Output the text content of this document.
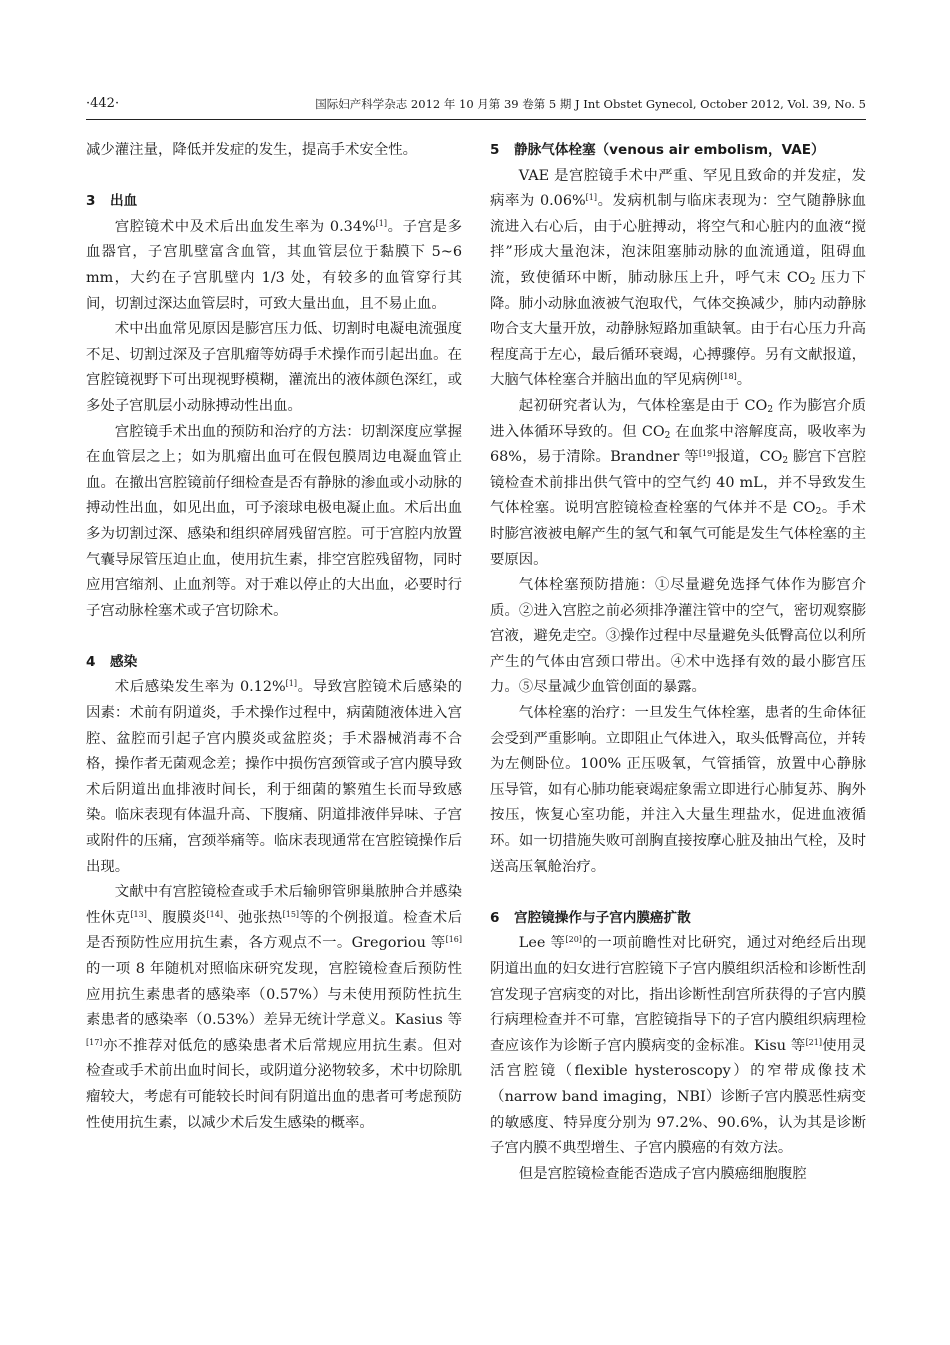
·442·	国际妇产科学杂志 2012 年 10 月第 39 卷第 5 期 J Int Obstet Gynecol, October 2012, Vol. 39, No. 5

减少灌注量，降低并发症的发生，提高手术安全性。

3 出血

宫腔镜术中及术后出血发生率为 0.34%[1]。子宫是多血器官，子宫肌壁富含血管，其血管层位于黏膜下 5~6 mm，大约在子宫肌壁内 1/3 处，有较多的血管穿行其间，切割过深达血管层时，可致大量出血，且不易止血。

术中出血常见原因是膨宫压力低、切割时电凝电流强度不足、切割过深及子宫肌瘤等妨碍手术操作而引起出血。在宫腔镜视野下可出现视野模糊，灌流出的液体颜色深红，或多处子宫肌层小动脉搏动性出血。

宫腔镜手术出血的预防和治疗的方法：切割深度应掌握在血管层之上；如为肌瘤出血可在假包膜周边电凝血管止血。在撤出宫腔镜前仔细检查是否有静脉的渗血或小动脉的搏动性出血，如见出血，可予滚球电极电凝止血。术后出血多为切割过深、感染和组织碎屑残留宫腔。可于宫腔内放置气囊导尿管压迫止血，使用抗生素，排空宫腔残留物，同时应用宫缩剂、止血剂等。对于难以停止的大出血，必要时行子宫动脉栓塞术或子宫切除术。

4 感染

术后感染发生率为 0.12%[1]。导致宫腔镜术后感染的因素：术前有阴道炎，手术操作过程中，病菌随液体进入宫腔、盆腔而引起子宫内膜炎或盆腔炎；手术器械消毒不合格，操作者无菌观念差；操作中损伤宫颈管或子宫内膜导致术后阴道出血排液时间长，利于细菌的繁殖生长而导致感染。临床表现有体温升高、下腹痛、阴道排液伴异味、子宫或附件的压痛，宫颈举痛等。临床表现通常在宫腔镜操作后出现。

文献中有宫腔镜检查或手术后输卵管卵巢脓肿合并感染性休克[13]、腹膜炎[14]、弛张热[15]等的个例报道。检查术后是否预防性应用抗生素，各方观点不一。Gregoriou 等[16]的一项 8 年随机对照临床研究发现，宫腔镜检查后预防性应用抗生素患者的感染率（0.57%）与未使用预防性抗生素患者的感染率（0.53%）差异无统计学意义。Kasius 等[17]亦不推荐对低危的感染患者术后常规应用抗生素。但对检查或手术前出血时间长，或阴道分泌物较多，术中切除肌瘤较大，考虑有可能较长时间有阴道出血的患者可考虑预防性使用抗生素，以减少术后发生感染的概率。

5 静脉气体栓塞（venous air embolism，VAE）

VAE 是宫腔镜手术中严重、罕见且致命的并发症，发病率为 0.06%[1]。发病机制与临床表现为：空气随静脉血流进入右心后，由于心脏搏动，将空气和心脏内的血液“搅拌”形成大量泡沫，泡沫阻塞肺动脉的血流通道，阻碍血流，致使循环中断，肺动脉压上升，呼气末 $CO_2$ 压力下降。肺小动脉血液被气泡取代，气体交换减少，肺内动静脉吻合支大量开放，动静脉短路加重缺氧。由于右心压力升高程度高于左心，最后循环衰竭，心搏骤停。另有文献报道，大脑气体栓塞合并脑出血的罕见病例[18]。

起初研究者认为，气体栓塞是由于 $CO_2$ 作为膨宫介质进入体循环导致的。但 $CO_2$ 在血浆中溶解度高，吸收率为 68%，易于清除。Brandner 等[19]报道，$CO_2$ 膨宫下宫腔镜检查术前排出供气管中的空气约 40 mL，并不导致发生气体栓塞。说明宫腔镜检查栓塞的气体并不是 $CO_2$。手术时膨宫液被电解产生的氢气和氧气可能是发生气体栓塞的主要原因。

气体栓塞预防措施：①尽量避免选择气体作为膨宫介质。②进入宫腔之前必须排净灌注管中的空气，密切观察膨宫液，避免走空。③操作过程中尽量避免头低臀高位以利所产生的气体由宫颈口带出。④术中选择有效的最小膨宫压力。⑤尽量减少血管创面的暴露。

气体栓塞的治疗：一旦发生气体栓塞，患者的生命体征会受到严重影响。立即阻止气体进入，取头低臀高位，并转为左侧卧位。100% 正压吸氧，气管插管，放置中心静脉压导管，如有心肺功能衰竭症象需立即进行心肺复苏、胸外按压，恢复心室功能，并注入大量生理盐水，促进血液循环。如一切措施失败可剖胸直接按摩心脏及抽出气栓，及时送高压氧舱治疗。

6 宫腔镜操作与子宫内膜癌扩散

Lee 等[20]的一项前瞻性对比研究，通过对绝经后出现阴道出血的妇女进行宫腔镜下子宫内膜组织活检和诊断性刮宫发现子宫病变的对比，指出诊断性刮宫所获得的子宫内膜行病理检查并不可靠，宫腔镜指导下的子宫内膜组织病理检查应该作为诊断子宫内膜病变的金标准。Kisu 等[21]使用灵活宫腔镜（flexible hysteroscopy）的窄带成像技术（narrow band imaging，NBI）诊断子宫内膜恶性病变的敏感度、特异度分别为 97.2%、90.6%，认为其是诊断子宫内膜不典型增生、子宫内膜癌的有效方法。

但是宫腔镜检查能否造成子宫内膜癌细胞腹腔
